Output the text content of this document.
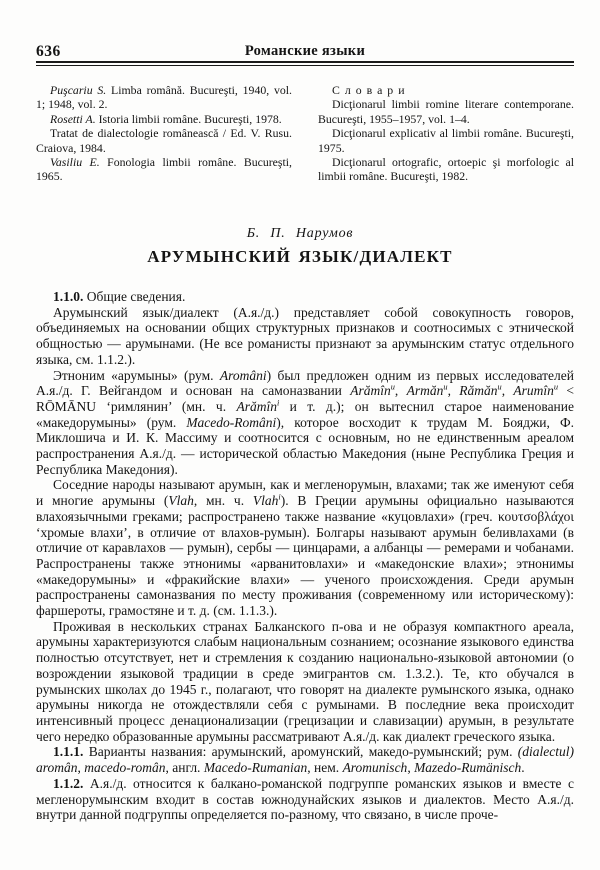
636	Романские языки

Puşcariu S. Limba română. Bucureşti, 1940, vol. 1; 1948, vol. 2.

Rosetti A. Istoria limbii române. Bucureşti, 1978.

Tratat de dialectologie românească / Ed. V. Rusu. Craiova, 1984.

Vasiliu E. Fonologia limbii române. Bucureşti, 1965.

Словари

Dicţionarul limbii romine literare contemporane. Bucureşti, 1955–1957, vol. 1–4.

Dicţionarul explicativ al limbii române. Bucureşti, 1975.

Dicţionarul ortografic, ortoepic şi morfologic al limbii române. Bucureşti, 1982.

Б. П. Нарумов

АРУМЫНСКИЙ ЯЗЫК/ДИАЛЕКТ

1.1.0. Общие сведения.

Арумынский язык/диалект (А.я./д.) представляет собой совокупность говоров, объединяемых на основании общих структурных признаков и соотносимых с этнической общностью — арумынами. (Не все романисты признают за арумынским статус отдельного языка, см. 1.1.2.).

Этноним «арумыны» (рум. Aromâni) был предложен одним из первых исследователей А.я./д. Г. Вейгандом и основан на самоназвании Arămîn$^u$, Armăn$^u$, Rămăn$^u$, Arumîn$^u$ < RŌMĀNU ‘римлянин’ (мн. ч. Arămîn$^i$ и т. д.); он вытеснил старое наименование «македорумыны» (рум. Macedo-Români), которое восходит к трудам М. Бояджи, Ф. Миклошича и И. К. Массиму и соотносится с основным, но не единственным ареалом распространения А.я./д. — исторической областью Македония (ныне Республика Греция и Республика Македония).

Соседние народы называют арумын, как и мегленорумын, влахами; так же именуют себя и многие арумыны (Vlah, мн. ч. Vlah$^i$). В Греции арумыны официально называются влахоязычными греками; распространено также название «куцовлахи» (греч. κουτσοβλάχοι ‘хромые влахи’, в отличие от влахов-румын). Болгары называют арумын беливлахами (в отличие от каравлахов — румын), сербы — цинцарами, а албанцы — ремерами и чобанами. Распространены также этнонимы «арванитовлахи» и «македонские влахи»; этнонимы «македорумыны» и «фракийские влахи» — ученого происхождения. Среди арумын распространены самоназвания по месту проживания (современному или историческому): фаршероты, грамостяне и т. д. (см. 1.1.3.).

Проживая в нескольких странах Балканского п-ова и не образуя компактного ареала, арумыны характеризуются слабым национальным сознанием; осознание языкового единства полностью отсутствует, нет и стремления к созданию национально-языковой автономии (о возрождении языковой традиции в среде эмигрантов см. 1.3.2.). Те, кто обучался в румынских школах до 1945 г., полагают, что говорят на диалекте румынского языка, однако арумыны никогда не отождествляли себя с румынами. В последние века происходит интенсивный процесс денационализации (грецизации и славизации) арумын, в результате чего нередко образованные арумыны рассматривают А.я./д. как диалект греческого языка.

1.1.1. Варианты названия: арумынский, аромунский, македо-румынский; рум. (dialectul) aromân, macedo-român, англ. Macedo-Rumanian, нем. Aromunisch, Mazedo-Rumänisch.

1.1.2. А.я./д. относится к балкано-романской подгруппе романских языков и вместе с мегленорумынским входит в состав южнодунайских языков и диалектов. Место А.я./д. внутри данной подгруппы определяется по-разному, что связано, в числе проче-
